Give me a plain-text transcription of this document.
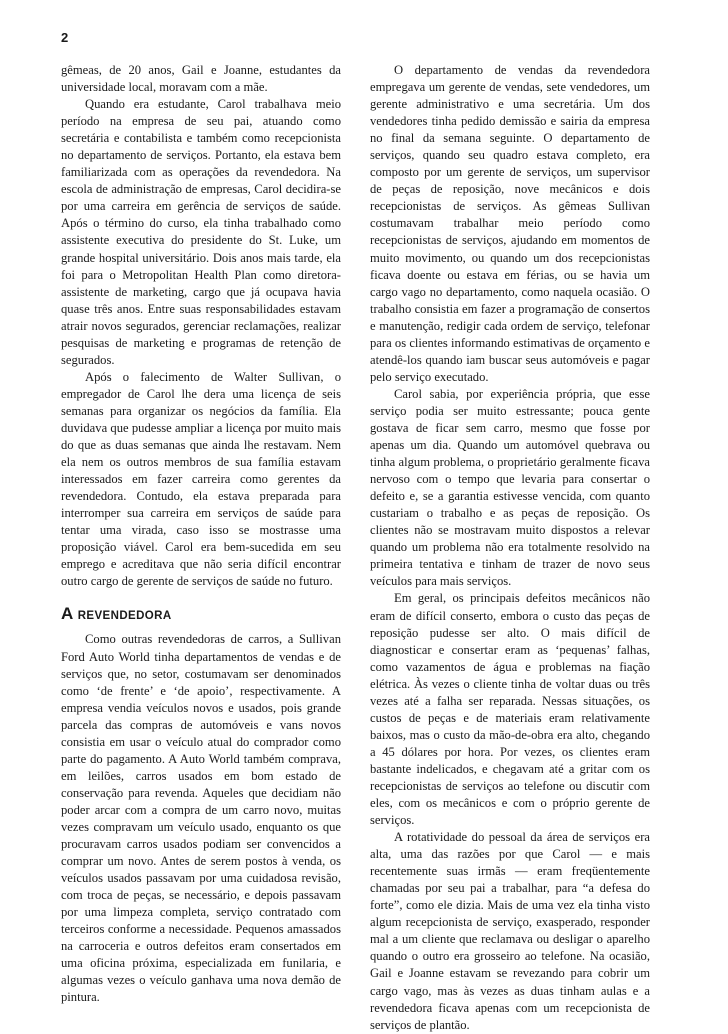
2

gêmeas, de 20 anos, Gail e Joanne, estudantes da universidade local, moravam com a mãe.

Quando era estudante, Carol trabalhava meio período na empresa de seu pai, atuando como secretária e contabilista e também como recepcionista no departamento de serviços. Portanto, ela estava bem familiarizada com as operações da revendedora. Na escola de administração de empresas, Carol decidira-se por uma carreira em gerência de serviços de saúde. Após o término do curso, ela tinha trabalhado como assistente executiva do presidente do St. Luke, um grande hospital universitário. Dois anos mais tarde, ela foi para o Metropolitan Health Plan como diretora-assistente de marketing, cargo que já ocupava havia quase três anos. Entre suas responsabilidades estavam atrair novos segurados, gerenciar reclamações, realizar pesquisas de marketing e programas de retenção de segurados.

Após o falecimento de Walter Sullivan, o empregador de Carol lhe dera uma licença de seis semanas para organizar os negócios da família. Ela duvidava que pudesse ampliar a licença por muito mais do que as duas semanas que ainda lhe restavam. Nem ela nem os outros membros de sua família estavam interessados em fazer carreira como gerentes da revendedora. Contudo, ela estava preparada para interromper sua carreira em serviços de saúde para tentar uma virada, caso isso se mostrasse uma proposição viável. Carol era bem-sucedida em seu emprego e acreditava que não seria difícil encontrar outro cargo de gerente de serviços de saúde no futuro.

A REVENDEDORA

Como outras revendedoras de carros, a Sullivan Ford Auto World tinha departamentos de vendas e de serviços que, no setor, costumavam ser denominados como ‘de frente’ e ‘de apoio’, respectivamente. A empresa vendia veículos novos e usados, pois grande parcela das compras de automóveis e vans novos consistia em usar o veículo atual do comprador como parte do pagamento. A Auto World também comprava, em leilões, carros usados em bom estado de conservação para revenda. Aqueles que decidiam não poder arcar com a compra de um carro novo, muitas vezes compravam um veículo usado, enquanto os que procuravam carros usados podiam ser convencidos a comprar um novo. Antes de serem postos à venda, os veículos usados passavam por uma cuidadosa revisão, com troca de peças, se necessário, e depois passavam por uma limpeza completa, serviço contratado com terceiros conforme a necessidade. Pequenos amassados na carroceria e outros defeitos eram consertados em uma oficina próxima, especializada em funilaria, e algumas vezes o veículo ganhava uma nova demão de pintura.

O departamento de vendas da revendedora empregava um gerente de vendas, sete vendedores, um gerente administrativo e uma secretária. Um dos vendedores tinha pedido demissão e sairia da empresa no final da semana seguinte. O departamento de serviços, quando seu quadro estava completo, era composto por um gerente de serviços, um supervisor de peças de reposição, nove mecânicos e dois recepcionistas de serviços. As gêmeas Sullivan costumavam trabalhar meio período como recepcionistas de serviços, ajudando em momentos de muito movimento, ou quando um dos recepcionistas ficava doente ou estava em férias, ou se havia um cargo vago no departamento, como naquela ocasião. O trabalho consistia em fazer a programação de consertos e manutenção, redigir cada ordem de serviço, telefonar para os clientes informando estimativas de orçamento e atendê-los quando iam buscar seus automóveis e pagar pelo serviço executado.

Carol sabia, por experiência própria, que esse serviço podia ser muito estressante; pouca gente gostava de ficar sem carro, mesmo que fosse por apenas um dia. Quando um automóvel quebrava ou tinha algum problema, o proprietário geralmente ficava nervoso com o tempo que levaria para consertar o defeito e, se a garantia estivesse vencida, com quanto custariam o trabalho e as peças de reposição. Os clientes não se mostravam muito dispostos a relevar quando um problema não era totalmente resolvido na primeira tentativa e tinham de trazer de novo seus veículos para mais serviços.

Em geral, os principais defeitos mecânicos não eram de difícil conserto, embora o custo das peças de reposição pudesse ser alto. O mais difícil de diagnosticar e consertar eram as ‘pequenas’ falhas, como vazamentos de água e problemas na fiação elétrica. Às vezes o cliente tinha de voltar duas ou três vezes até a falha ser reparada. Nessas situações, os custos de peças e de materiais eram relativamente baixos, mas o custo da mão-de-obra era alto, chegando a 45 dólares por hora. Por vezes, os clientes eram bastante indelicados, e chegavam até a gritar com os recepcionistas de serviços ao telefone ou discutir com eles, com os mecânicos e com o próprio gerente de serviços.

A rotatividade do pessoal da área de serviços era alta, uma das razões por que Carol — e mais recentemente suas irmãs — eram freqüentemente chamadas por seu pai a trabalhar, para “a defesa do forte”, como ele dizia. Mais de uma vez ela tinha visto algum recepcionista de serviço, exasperado, responder mal a um cliente que reclamava ou desligar o aparelho quando o outro era grosseiro ao telefone. Na ocasião, Gail e Joanne estavam se revezando para cobrir um cargo vago, mas às vezes as duas tinham aulas e a revendedora ficava apenas com um recepcionista de serviços de plantão.
